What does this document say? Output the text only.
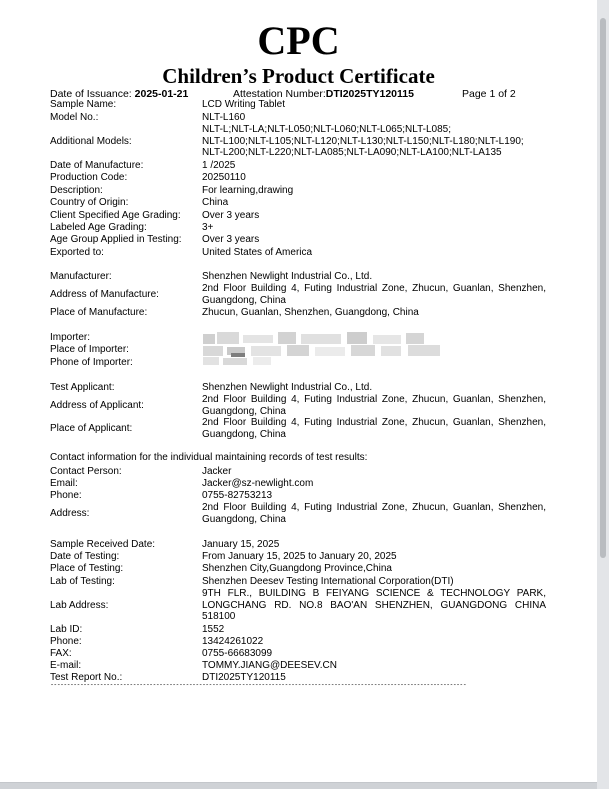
CPC
Children’s Product Certificate
Date of Issuance: 2025-01-21	Attestation Number:DTI2025TY120115	Page 1 of 2
Sample Name:	LCD Writing Tablet
Model No.:	NLT-L160
Additional Models:
NLT-L;NLT-LA;NLT-L050;NLT-L060;NLT-L065;NLT-L085;
NLT-L100;NLT-L105;NLT-L120;NLT-L130;NLT-L150;NLT-L180;NLT-L190;
NLT-L200;NLT-L220;NLT-LA085;NLT-LA090;NLT-LA100;NLT-LA135
Date of Manufacture:	1 /2025
Production Code:	20250110
Description:	For learning,drawing
Country of Origin:	China
Client Specified Age Grading: Over 3 years
Labeled Age Grading:	3+
Age Group Applied in Testing: Over 3 years
Exported to:	United States of America
Manufacturer:	Shenzhen Newlight Industrial Co., Ltd.
Address of Manufacture:
2nd Floor Building 4, Futing Industrial Zone, Zhucun, Guanlan, Shenzhen,
Guangdong, China
Place of Manufacture:	Zhucun, Guanlan, Shenzhen, Guangdong, China
Importer:
Place of Importer:
Phone of Importer:
Test Applicant:	Shenzhen Newlight Industrial Co., Ltd.
Address of Applicant:
2nd Floor Building 4, Futing Industrial Zone, Zhucun, Guanlan, Shenzhen,
Guangdong, China
Place of Applicant:
2nd Floor Building 4, Futing Industrial Zone, Zhucun, Guanlan, Shenzhen,
Guangdong, China
Contact information for the individual maintaining records of test results:
Contact Person:	Jacker
Email:	Jacker@sz-newlight.com
Phone:	0755-82753213
Address:
2nd Floor Building 4, Futing Industrial Zone, Zhucun, Guanlan, Shenzhen,
Guangdong, China
Sample Received Date:	January 15, 2025
Date of Testing:	From January 15, 2025 to January 20, 2025
Place of Testing:	Shenzhen City,Guangdong Province,China
Lab of Testing:	Shenzhen Deesev Testing International Corporation(DTI)
Lab Address:
9TH FLR., BUILDING B FEIYANG SCIENCE & TECHNOLOGY PARK,
LONGCHANG RD. NO.8 BAO'AN SHENZHEN, GUANGDONG CHINA
518100
Lab ID:	1552
Phone:	13424261022
FAX:	0755-66683099
E-mail:	TOMMY.JIANG@DEESEV.CN
Test Report No.:	DTI2025TY120115
******************************************************************************************************************************
